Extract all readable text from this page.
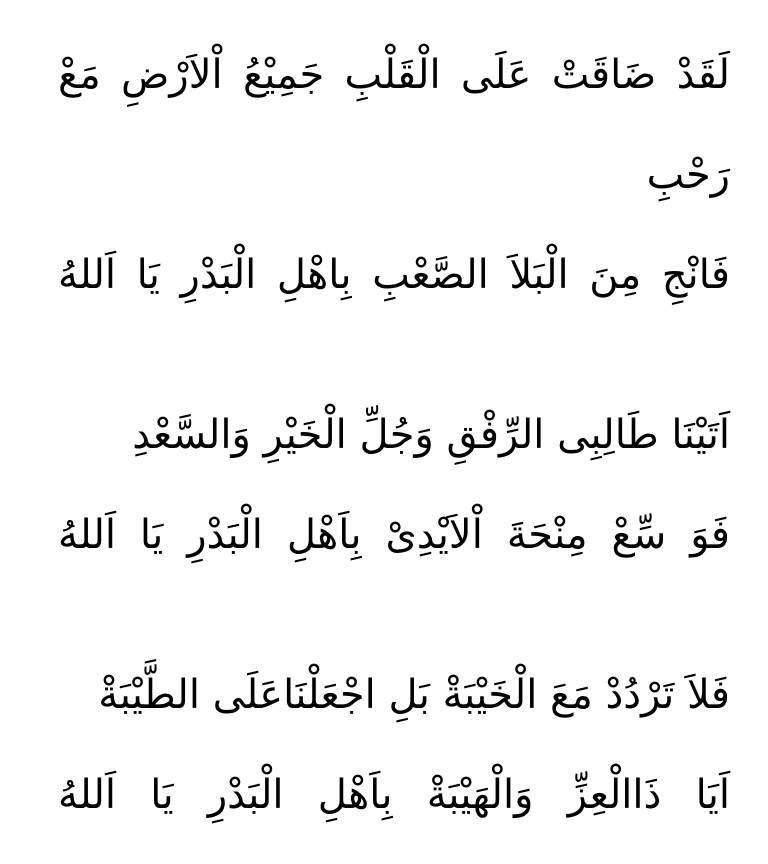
لَقَدْ ضَاقَتْ عَلَى الْقَلْبِ جَمِيْعُ اْلاَرْضِ مَعْ
رَحْبِ
فَانْجِ مِنَ الْبَلاَ الصَّعْبِ بِاهْلِ الْبَدْرِ يَا اَللهُ
اَتَيْنَا طَالِبِى الرِّفْقِ وَجُلِّ الْخَيْرِ وَالسَّعْدِ
فَوَ سِّعْ مِنْحَةَ اْلاَيْدِىْ بِاَهْلِ الْبَدْرِ يَا اَللهُ
فَلاَ تَرْدُدْ مَعَ الْخَيْبَةْ بَلِ اجْعَلْنَاعَلَى الطَّيْبَةْ
اَيَا ذَاالْعِزِّ وَالْهَيْبَةْ بِاَهْلِ الْبَدْرِ يَا اَللهُ
